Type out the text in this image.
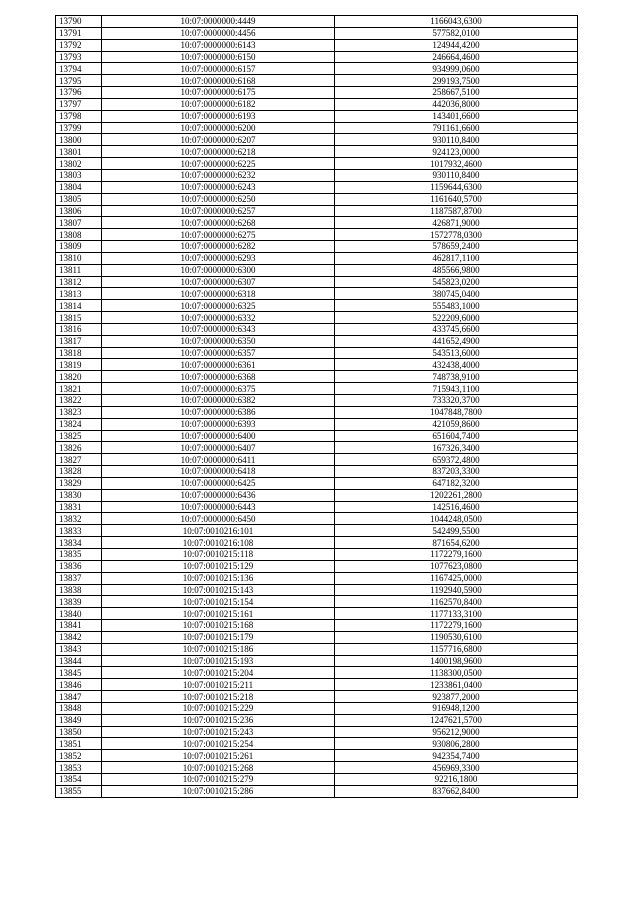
13790	10:07:0000000:4449	1166043,6300
13791	10:07:0000000:4456	577582,0100
13792	10:07:0000000:6143	124944,4200
13793	10:07:0000000:6150	246664,4600
13794	10:07:0000000:6157	934999,0600
13795	10:07:0000000:6168	299193,7500
13796	10:07:0000000:6175	258667,5100
13797	10:07:0000000:6182	442036,8000
13798	10:07:0000000:6193	143401,6600
13799	10:07:0000000:6200	791161,6600
13800	10:07:0000000:6207	930110,8400
13801	10:07:0000000:6218	924123,0000
13802	10:07:0000000:6225	1017932,4600
13803	10:07:0000000:6232	930110,8400
13804	10:07:0000000:6243	1159644,6300
13805	10:07:0000000:6250	1161640,5700
13806	10:07:0000000:6257	1187587,8700
13807	10:07:0000000:6268	426871,9000
13808	10:07:0000000:6275	1572778,0300
13809	10:07:0000000:6282	578659,2400
13810	10:07:0000000:6293	462817,1100
13811	10:07:0000000:6300	485566,9800
13812	10:07:0000000:6307	545823,0200
13813	10:07:0000000:6318	380745,0400
13814	10:07:0000000:6325	555483,1000
13815	10:07:0000000:6332	522209,6000
13816	10:07:0000000:6343	433745,6600
13817	10:07:0000000:6350	441652,4900
13818	10:07:0000000:6357	543513,6000
13819	10:07:0000000:6361	432438,4000
13820	10:07:0000000:6368	748738,9100
13821	10:07:0000000:6375	715943,1100
13822	10:07:0000000:6382	733320,3700
13823	10:07:0000000:6386	1047848,7800
13824	10:07:0000000:6393	421059,8600
13825	10:07:0000000:6400	651604,7400
13826	10:07:0000000:6407	167326,3400
13827	10:07:0000000:6411	659372,4800
13828	10:07:0000000:6418	837203,3300
13829	10:07:0000000:6425	647182,3200
13830	10:07:0000000:6436	1202261,2800
13831	10:07:0000000:6443	142516,4600
13832	10:07:0000000:6450	1044248,0500
13833	10:07:0010216:101	542499,5500
13834	10:07:0010216:108	871654,6200
13835	10:07:0010215:118	1172279,1600
13836	10:07:0010215:129	1077623,0800
13837	10:07:0010215:136	1167425,0000
13838	10:07:0010215:143	1192940,5900
13839	10:07:0010215:154	1162570,8400
13840	10:07:0010215:161	1177133,3100
13841	10:07:0010215:168	1172279,1600
13842	10:07:0010215:179	1190530,6100
13843	10:07:0010215:186	1157716,6800
13844	10:07:0010215:193	1400198,9600
13845	10:07:0010215:204	1138300,0500
13846	10:07:0010215:211	1233861,0400
13847	10:07:0010215:218	923877,2000
13848	10:07:0010215:229	916948,1200
13849	10:07:0010215:236	1247621,5700
13850	10:07:0010215:243	956212,9000
13851	10:07:0010215:254	930806,2800
13852	10:07:0010215:261	942354,7400
13853	10:07:0010215:268	456969,3300
13854	10:07:0010215:279	92216,1800
13855	10:07:0010215:286	837662,8400
